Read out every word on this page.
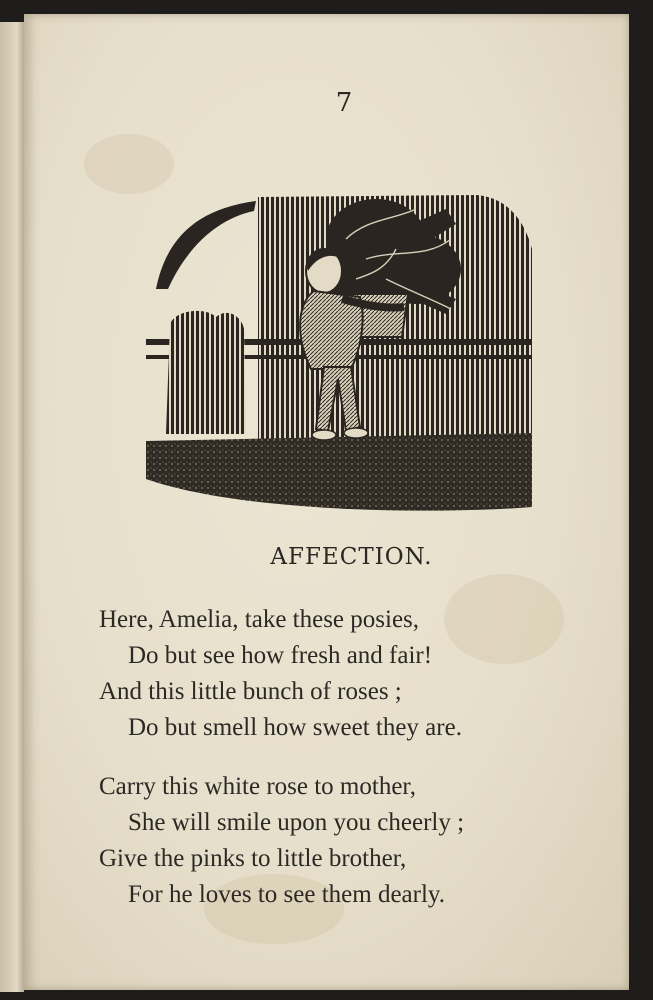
7
AFFECTION.
Here, Amelia, take these posies,
Do but see how fresh and fair!
And this little bunch of roses ;
Do but smell how sweet they are.
Carry this white rose to mother,
She will smile upon you cheerly ;
Give the pinks to little brother,
For he loves to see them dearly.
